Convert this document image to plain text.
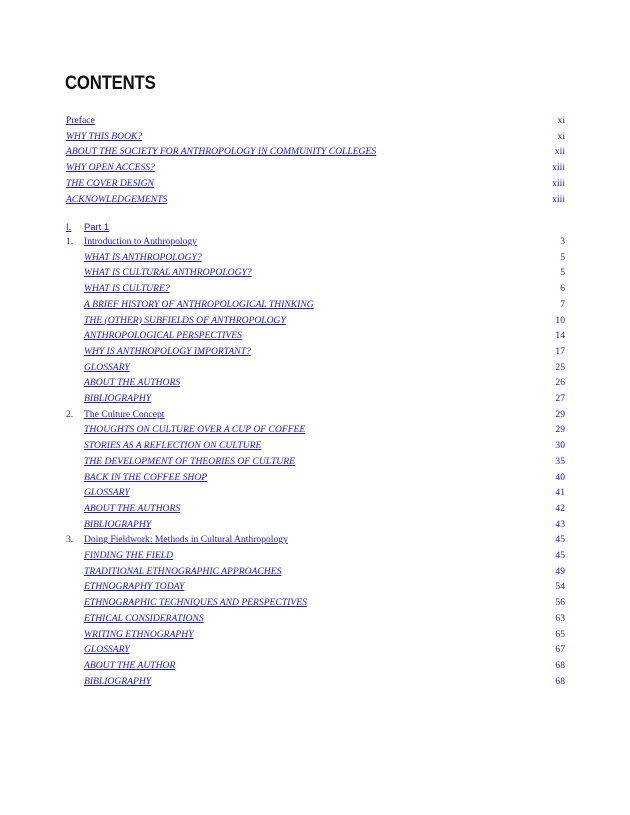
CONTENTS
I. Part 1
Preface	xi
WHY THIS BOOK?	xi
ABOUT THE SOCIETY FOR ANTHROPOLOGY IN COMMUNITY COLLEGES	xii
WHY OPEN ACCESS?	xiii
THE COVER DESIGN	xiii
ACKNOWLEDGEMENTS	xiii
1. Introduction to Anthropology	3
WHAT IS ANTHROPOLOGY?	5
WHAT IS CULTURAL ANTHROPOLOGY?	5
WHAT IS CULTURE?	6
A BRIEF HISTORY OF ANTHROPOLOGICAL THINKING	7
THE (OTHER) SUBFIELDS OF ANTHROPOLOGY	10
ANTHROPOLOGICAL PERSPECTIVES	14
WHY IS ANTHROPOLOGY IMPORTANT?	17
GLOSSARY	25
ABOUT THE AUTHORS	26
BIBLIOGRAPHY	27
2. The Culture Concept	29
THOUGHTS ON CULTURE OVER A CUP OF COFFEE	29
STORIES AS A REFLECTION ON CULTURE	30
THE DEVELOPMENT OF THEORIES OF CULTURE	35
BACK IN THE COFFEE SHOP	40
GLOSSARY	41
ABOUT THE AUTHORS	42
BIBLIOGRAPHY	43
3. Doing Fieldwork: Methods in Cultural Anthropology	45
FINDING THE FIELD	45
TRADITIONAL ETHNOGRAPHIC APPROACHES	49
ETHNOGRAPHY TODAY	54
ETHNOGRAPHIC TECHNIQUES AND PERSPECTIVES	56
ETHICAL CONSIDERATIONS	63
WRITING ETHNOGRAPHY	65
GLOSSARY	67
ABOUT THE AUTHOR	68
BIBLIOGRAPHY	68
